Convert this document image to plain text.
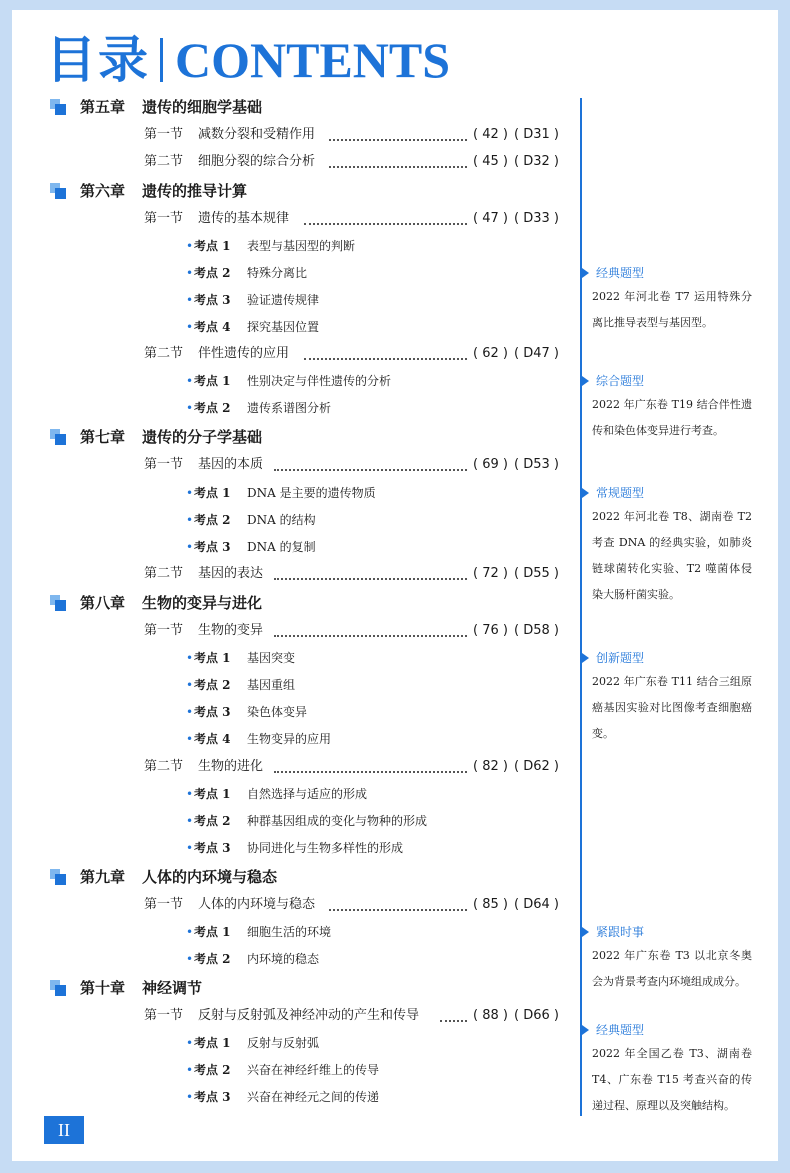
目录 CONTENTS
第五章 遗传的细胞学基础
第一节 减数分裂和受精作用	( 42 ) ( D31 )
第二节 细胞分裂的综合分析	( 45 ) ( D32 )
第六章 遗传的推导计算
第一节 遗传的基本规律	( 47 ) ( D33 )
• 考点 1 表型与基因型的判断
• 考点 2 特殊分离比
• 考点 3 验证遗传规律
• 考点 4 探究基因位置
第二节 伴性遗传的应用	( 62 ) ( D47 )
• 考点 1 性别决定与伴性遗传的分析
• 考点 2 遗传系谱图分析
第七章 遗传的分子学基础
第一节 基因的本质	( 69 ) ( D53 )
• 考点 1 DNA 是主要的遗传物质
• 考点 2 DNA 的结构
• 考点 3 DNA 的复制
第二节 基因的表达	( 72 ) ( D55 )
第八章 生物的变异与进化
第一节 生物的变异	( 76 ) ( D58 )
• 考点 1 基因突变
• 考点 2 基因重组
• 考点 3 染色体变异
• 考点 4 生物变异的应用
第二节 生物的进化	( 82 ) ( D62 )
• 考点 1 自然选择与适应的形成
• 考点 2 种群基因组成的变化与物种的形成
• 考点 3 协同进化与生物多样性的形成
第九章 人体的内环境与稳态
第一节 人体的内环境与稳态	( 85 ) ( D64 )
• 考点 1 细胞生活的环境
• 考点 2 内环境的稳态
第十章 神经调节
第一节 反射与反射弧及神经冲动的产生和传导	( 88 ) ( D66 )
• 考点 1 反射与反射弧
• 考点 2 兴奋在神经纤维上的传导
• 考点 3 兴奋在神经元之间的传递
经典题型
2022 年河北卷 T7 运用特殊分离比推导表型与基因型。
综合题型
2022 年广东卷 T19 结合伴性遗传和染色体变异进行考查。
常规题型
2022 年河北卷 T8、湖南卷 T2 考查 DNA 的经典实验，如肺炎链球菌转化实验、T2 噬菌体侵染大肠杆菌实验。
创新题型
2022 年广东卷 T11 结合三组原癌基因实验对比图像考查细胞癌变。
紧跟时事
2022 年广东卷 T3 以北京冬奥会为背景考查内环境组成成分。
经典题型
2022 年全国乙卷 T3、湖南卷 T4、广东卷 T15 考查兴奋的传递过程、原理以及突触结构。
II
